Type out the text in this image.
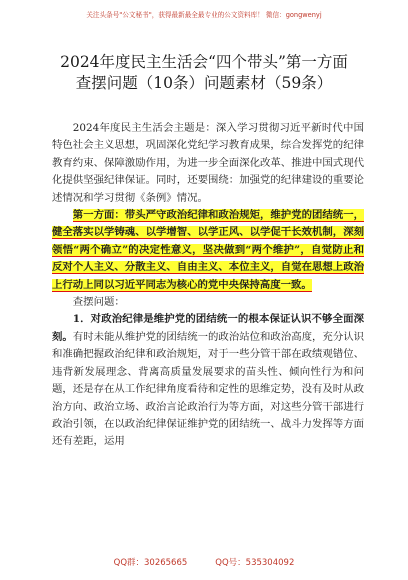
关注头条号"公文秘书"，获得最新最全最专业的公文资料库！ 微信：gongwenyj
2024年度民主生活会“四个带头”第一方面
查摆问题（10条）问题素材（59条）

2024年度民主生活会主题是：深入学习贯彻习近平新时代中国特色社会主义思想，巩固深化党纪学习教育成果，综合发挥党的纪律教育约束、保障激励作用，为进一步全面深化改革、推进中国式现代化提供坚强纪律保证。同时，还要围绕：加强党的纪律建设的重要论述情况和学习贯彻《条例》情况。

第一方面：带头严守政治纪律和政治规矩，维护党的团结统一，健全落实以学铸魂、以学增智、以学正风、以学促干长效机制，深刻领悟“两个确立”的决定性意义，坚决做到“两个维护”，自觉防止和反对个人主义、分散主义、自由主义、本位主义，自觉在思想上政治上行动上同以习近平同志为核心的党中央保持高度一致。

查摆问题：

1．对政治纪律是维护党的团结统一的根本保证认识不够全面深刻。有时未能从维护党的团结统一的政治站位和政治高度，充分认识和准确把握政治纪律和政治规矩，对于一些分管干部在政绩观错位、违背新发展理念、背离高质量发展要求的苗头性、倾向性行为和问题，还是存在从工作纪律角度看待和定性的思维定势，没有及时从政治方向、政治立场、政治言论政治行为等方面，对这些分管干部进行政治引领，在以政治纪律保证维护党的团结统一、战斗力发挥等方面还有差距，运用

QQ群：30265665	QQ号：535304092
